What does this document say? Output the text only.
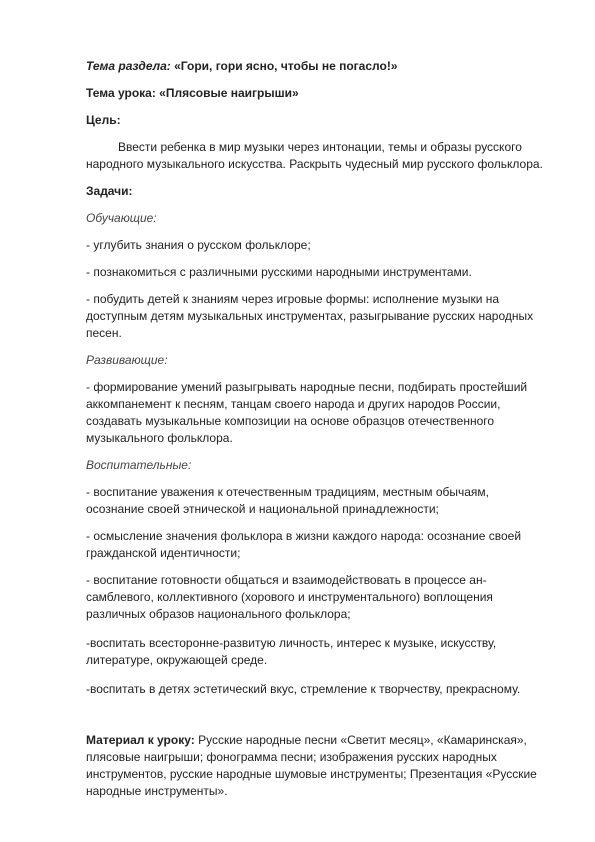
Тема раздела: «Гори, гори ясно, чтобы не погасло!»
Тема урока: «Плясовые наигрыши»
Цель:

Ввести ребенка в мир музыки через интонации, темы и образы русского народного музыкального искусства. Раскрыть чудесный мир русского фольклора.

Задачи:
Обучающие:

- углубить знания о русском фольклоре;

- познакомиться с различными русскими народными инструментами.

- побудить детей к знаниям через игровые формы: исполнение музыки на доступным детям музыкальных инструментах, разыгрывание русских народных песен.

Развивающие:

- формирование умений разыгрывать народные песни, подбирать простейший аккомпанемент к песням, танцам своего народа и других народов России, создавать музыкальные композиции на основе образцов отечественного музыкального фольклора.

Воспитательные:

- воспитание уважения к отечественным традициям, местным обычаям, осознание своей этнической и национальной принадлежности;

- осмысление значения фольклора в жизни каждого народа: осознание своей гражданской идентичности;

- воспитание готовности общаться и взаимодействовать в процессе ан-самблевого, коллективного (хорового и инструментального) воплощения различных образов национального фольклора;

-воспитать всесторонне-развитую личность, интерес к музыке, искусству, литературе, окружающей среде.

-воспитать в детях эстетический вкус, стремление к творчеству, прекрасному.

Материал к уроку: Русские народные песни «Светит месяц», «Камаринская», плясовые наигрыши; фонограмма песни; изображения русских народных инструментов, русские народные шумовые инструменты; Презентация «Русские народные инструменты».
